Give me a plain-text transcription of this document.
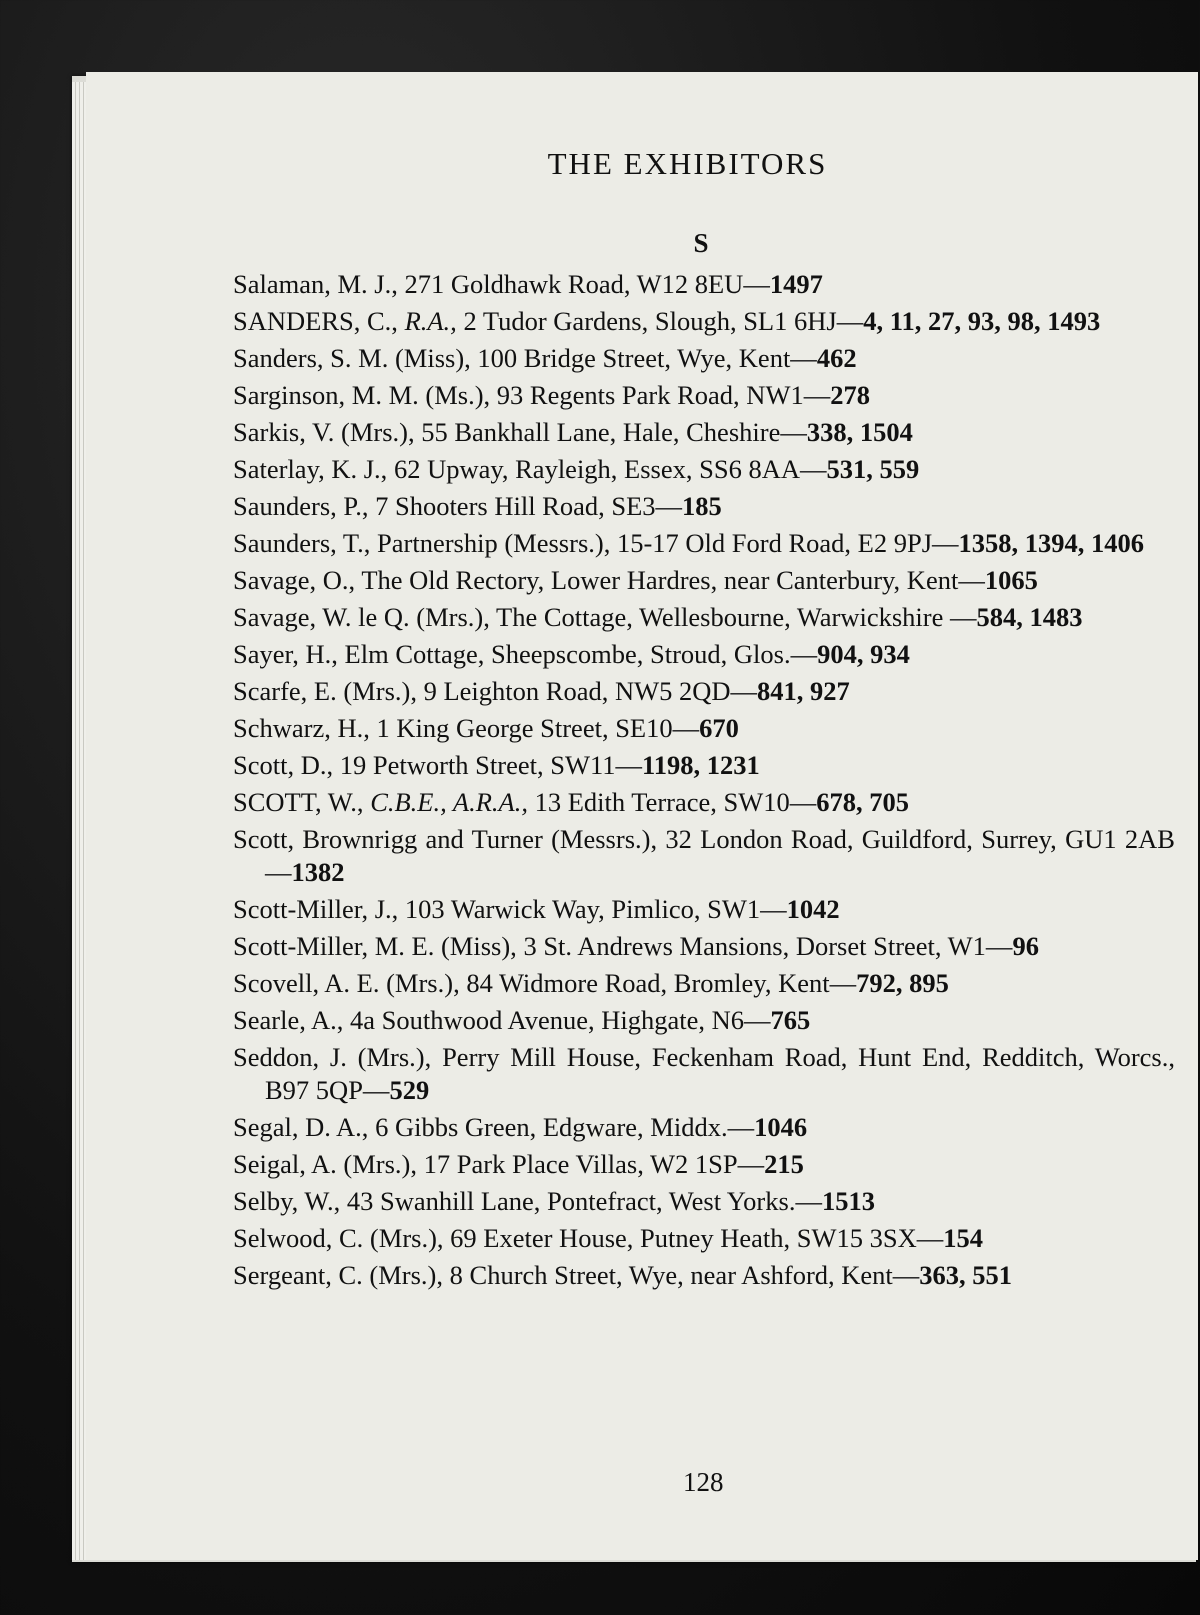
THE EXHIBITORS
S
Salaman, M. J., 271 Goldhawk Road, W12 8EU—1497
SANDERS, C., R.A., 2 Tudor Gardens, Slough, SL1 6HJ—4, 11, 27, 93, 98, 1493
Sanders, S. M. (Miss), 100 Bridge Street, Wye, Kent—462
Sarginson, M. M. (Ms.), 93 Regents Park Road, NW1—278
Sarkis, V. (Mrs.), 55 Bankhall Lane, Hale, Cheshire—338, 1504
Saterlay, K. J., 62 Upway, Rayleigh, Essex, SS6 8AA—531, 559
Saunders, P., 7 Shooters Hill Road, SE3—185
Saunders, T., Partnership (Messrs.), 15-17 Old Ford Road, E2 9PJ—1358, 1394, 1406
Savage, O., The Old Rectory, Lower Hardres, near Canterbury, Kent—1065
Savage, W. le Q. (Mrs.), The Cottage, Wellesbourne, Warwickshire —584, 1483
Sayer, H., Elm Cottage, Sheepscombe, Stroud, Glos.—904, 934
Scarfe, E. (Mrs.), 9 Leighton Road, NW5 2QD—841, 927
Schwarz, H., 1 King George Street, SE10—670
Scott, D., 19 Petworth Street, SW11—1198, 1231
SCOTT, W., C.B.E., A.R.A., 13 Edith Terrace, SW10—678, 705
Scott, Brownrigg and Turner (Messrs.), 32 London Road, Guildford, Surrey, GU1 2AB—1382
Scott-Miller, J., 103 Warwick Way, Pimlico, SW1—1042
Scott-Miller, M. E. (Miss), 3 St. Andrews Mansions, Dorset Street, W1—96
Scovell, A. E. (Mrs.), 84 Widmore Road, Bromley, Kent—792, 895
Searle, A., 4a Southwood Avenue, Highgate, N6—765
Seddon, J. (Mrs.), Perry Mill House, Feckenham Road, Hunt End, Redditch, Worcs., B97 5QP—529
Segal, D. A., 6 Gibbs Green, Edgware, Middx.—1046
Seigal, A. (Mrs.), 17 Park Place Villas, W2 1SP—215
Selby, W., 43 Swanhill Lane, Pontefract, West Yorks.—1513
Selwood, C. (Mrs.), 69 Exeter House, Putney Heath, SW15 3SX—154
Sergeant, C. (Mrs.), 8 Church Street, Wye, near Ashford, Kent—363, 551
128
